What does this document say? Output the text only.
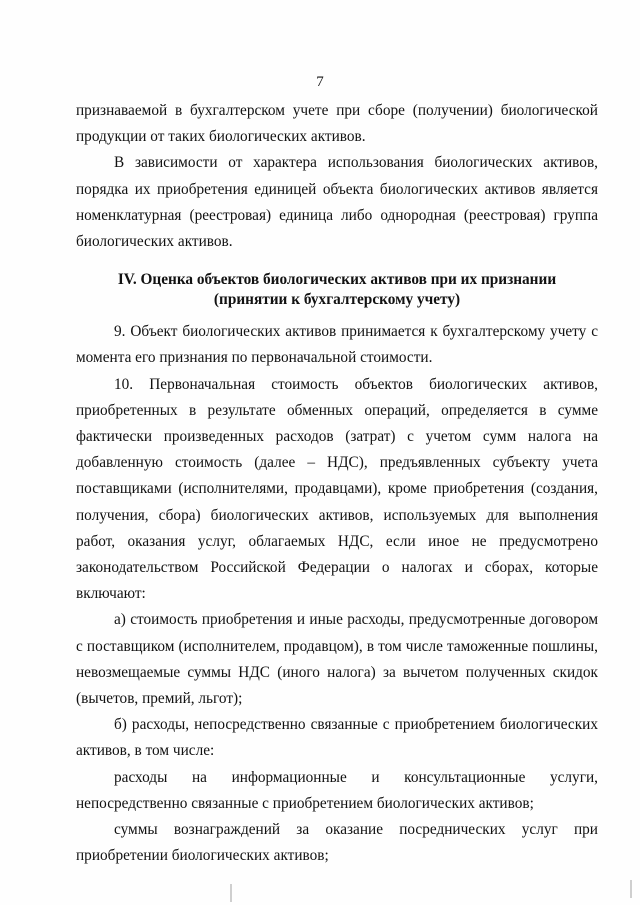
7

признаваемой в бухгалтерском учете при сборе (получении) биологической продукции от таких биологических активов.

В зависимости от характера использования биологических активов, порядка их приобретения единицей объекта биологических активов является номенклатурная (реестровая) единица либо однородная (реестровая) группа биологических активов.

IV. Оценка объектов биологических активов при их признании
(принятии к бухгалтерскому учету)

9. Объект биологических активов принимается к бухгалтерскому учету с момента его признания по первоначальной стоимости.

10. Первоначальная стоимость объектов биологических активов, приобретенных в результате обменных операций, определяется в сумме фактически произведенных расходов (затрат) с учетом сумм налога на добавленную стоимость (далее – НДС), предъявленных субъекту учета поставщиками (исполнителями, продавцами), кроме приобретения (создания, получения, сбора) биологических активов, используемых для выполнения работ, оказания услуг, облагаемых НДС, если иное не предусмотрено законодательством Российской Федерации о налогах и сборах, которые включают:

а) стоимость приобретения и иные расходы, предусмотренные договором с поставщиком (исполнителем, продавцом), в том числе таможенные пошлины, невозмещаемые суммы НДС (иного налога) за вычетом полученных скидок (вычетов, премий, льгот);

б) расходы, непосредственно связанные с приобретением биологических активов, в том числе:

расходы на информационные и консультационные услуги, непосредственно связанные с приобретением биологических активов;

суммы вознаграждений за оказание посреднических услуг при приобретении биологических активов;
